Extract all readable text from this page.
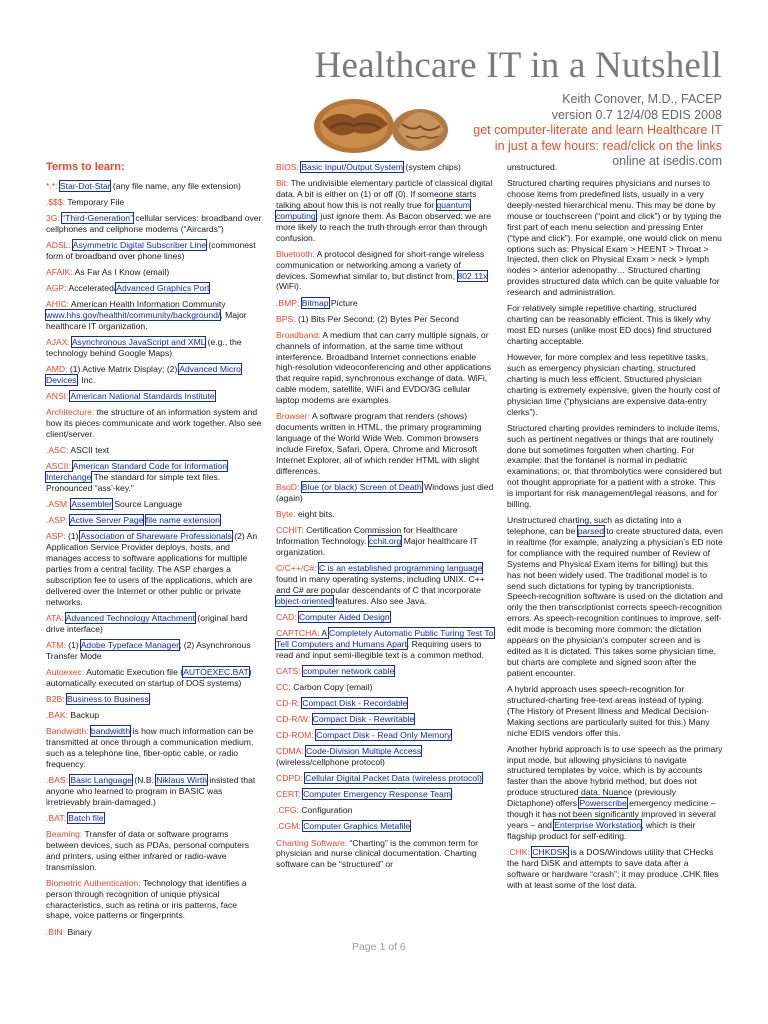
Healthcare IT in a Nutshell
Keith Conover, M.D., FACEP
version 0.7 12/4/08 EDIS 2008
get computer-literate and learn Healthcare IT
in just a few hours: read/click on the links
online at isedis.com
Terms to learn:

*.*: Star-Dot-Star (any file name, any file extension)

.$$$: Temporary File

3G: “Third-Generation” cellular services: broadband over cellphones and cellphone modems (“Aircards”)

ADSL: Asymmetric Digital Subscriber Line (commonest form of broadband over phone lines)

AFAIK: As Far As I Know (email)

AGP: Accelerated/Advanced Graphics Port

AHIC: American Health Information Community www.hhs.gov/healthit/community/background/, Major healthcare IT organization.

AJAX: Asynchronous JavaScript and XML (e.g., the technology behind Google Maps)

AMD: (1) Active Matrix Display; (2) Advanced Micro Devices, Inc.

ANSI: American National Standards Institute

Architecture: the structure of an information system and how its pieces communicate and work together. Also see client/server.

.ASC: ASCII text

ASCII: American Standard Code for Information Interchange The standard for simple text files. Pronounced “ass’-key.”

.ASM: Assembler Source Language

.ASP: Active Server Page file name extension

ASP: (1) Association of Shareware Professionals (2) An Application Service Provider deploys, hosts, and manages access to software applications for multiple parties from a central facility. The ASP charges a subscription fee to users of the applications, which are delivered over the Internet or other public or private networks.

ATA: Advanced Technology Attachment (original hard drive interface)

ATM: (1) Adobe Typeface Manager; (2) Asynchronous Transfer Mode

Autoexec: Automatic Execution file (AUTOEXEC.BAT) automatically executed on startup of DOS systems)

B2B: Business to Business

.BAK: Backup

Bandwidth: bandwidth is how much information can be transmitted at once through a communication medium, such as a telephone line, fiber-optic cable, or radio frequency.

.BAS: Basic Language (N.B. Niklaus Wirth insisted that anyone who learned to program in BASIC was irretrievably brain-damaged.)

.BAT: Batch file

Beaming: Transfer of data or software programs between devices, such as PDAs, personal computers and printers, using either infrared or radio-wave transmission.

Biometric Authentication: Technology that identifies a person through recognition of unique physical characteristics, such as retina or iris patterns, face shape, voice patterns or fingerprints.

.BIN: Binary

BIOS: Basic Input/Output System (system chips)

Bit: The undivisible elementary particle of classical digital data. A bit is either on (1) or off (0). If someone starts talking about how this is not really true for quantum computing, just ignore them. As Bacon observed: we are more likely to reach the truth through error than through confusion.

Bluetooth: A protocol designed for short-range wireless communication or networking among a variety of devices. Somewhat similar to, but distinct from, 802.11x (WiFi).

.BMP: Bitmap Picture

BPS: (1) Bits Per Second; (2) Bytes Per Second

Broadband: A medium that can carry multiple signals, or channels of information, at the same time without interference. Broadband Internet connections enable high-resolution videoconferencing and other applications that require rapid, synchronous exchange of data. WiFi, cable modem, satellite, WiFi and EVDO/3G cellular laptop modems are examples.

Browser: A software program that renders (shows) documents written in HTML, the primary programming language of the World Wide Web. Common browsers include Firefox, Safari, Opera, Chrome and Microsoft Internet Explorer, all of which render HTML with slight differences.

BsoD: Blue (or black) Screen of Death Windows just died (again)

Byte: eight bits.

CCHIT: Certification Commission for Healthcare Information Technology. cchit.org Major healthcare IT organization.

C/C++/C#: C is an established programming language found in many operating systems, including UNIX. C++ and C# are popular descendants of C that incorporate object-oriented features. Also see Java.

CAD: Computer Aided Design

CAPTCHA: A Completely Automatic Public Turing Test To Tell Computers and Humans Apart. Requiring users to read and input semi-illegible text is a common method.

CATS: computer network cable

CC: Carbon Copy (email)

CD-R: Compact Disk - Recordable

CD-R/W: Compact Disk - Rewritable

CD-ROM: Compact Disk - Read Only Memory

CDMA: Code-Division Multiple Access (wireless/cellphone protocol)

CDPD: Cellular Digital Packet Data (wireless protocol)

CERT: Computer Emergency Response Team

.CFG: Configuration

.CGM: Computer Graphics Metafile

Charting Software: “Charting” is the common term for physician and nurse clinical documentation. Charting software can be “structured” or

unstructured.

Structured charting requires physicians and nurses to choose items from predefined lists, usually in a very deeply-nested hierarchical menu. This may be done by mouse or touchscreen (“point and click”) or by typing the first part of each menu selection and pressing Enter (“type and click”). For example, one would click on menu options such as: Physical Exam > HEENT > Throat > Injected, then click on Physical Exam > neck > lymph nodes > anterior adenopathy… Structured charting provides structured data which can be quite valuable for research and administration.

For relatively simple repetitive charting, structured charting can be reasonably efficient. This is likely why most ED nurses (unlike most ED docs) find structured charting acceptable.

However, for more complex and less repetitive tasks, such as emergency physician charting, structured charting is much less efficient. Structured physician charting is extremely expensive, given the hourly cost of physician time (“physicians are expensive data-entry clerks”).

Structured charting provides reminders to include items, such as pertinent negatives or things that are routinely done but sometimes forgotten when charting. For example: that the fontanel is normal in pediatric examinations; or, that thrombolytics were considered but not thought appropriate for a patient with a stroke. This is important for risk management/legal reasons, and for billing.

Unstructured charting, such as dictating into a telephone, can be parsed to create structured data, even in realtime (for example, analyzing a physician’s ED note for compliance with the required number of Review of Systems and Physical Exam items for billing) but this has not been widely used. The traditional model is to send such dictations for typing by trancriptionists. Speech-recognition software is used on the dictation and only the then transcriptionist corrects speech-recognition errors. As speech-recognition continues to improve, self-edit mode is becoming more common: the dictation appears on the physician’s computer screen and is edited as it is dictated. This takes some physician time, but charts are complete and signed soon after the patient encounter.

A hybrid approach uses speech-recognition for structured-charting free-text areas instead of typing. (The History of Present Illness and Medical Decision-Making sections are particularly suited for this.) Many niche EDIS vendors offer this.

Another hybrid approach is to use speech as the primary input mode, but allowing physicians to navigate structured templates by voice, which is by accounts faster than the above hybrid method, but does not produce structured data. Nuance (previously Dictaphone) offers Powerscribe emergency medicine – though it has not been significantly improved in several years – and Enterprise Workstation, which is their flagship product for self-editing.

.CHK: CHKDSK is a DOS/Windows utility that CHecks the hard DiSK and attempts to save data after a software or hardware “crash”; it may produce .CHK files with at least some of the lost data.

Page 1 of 6
